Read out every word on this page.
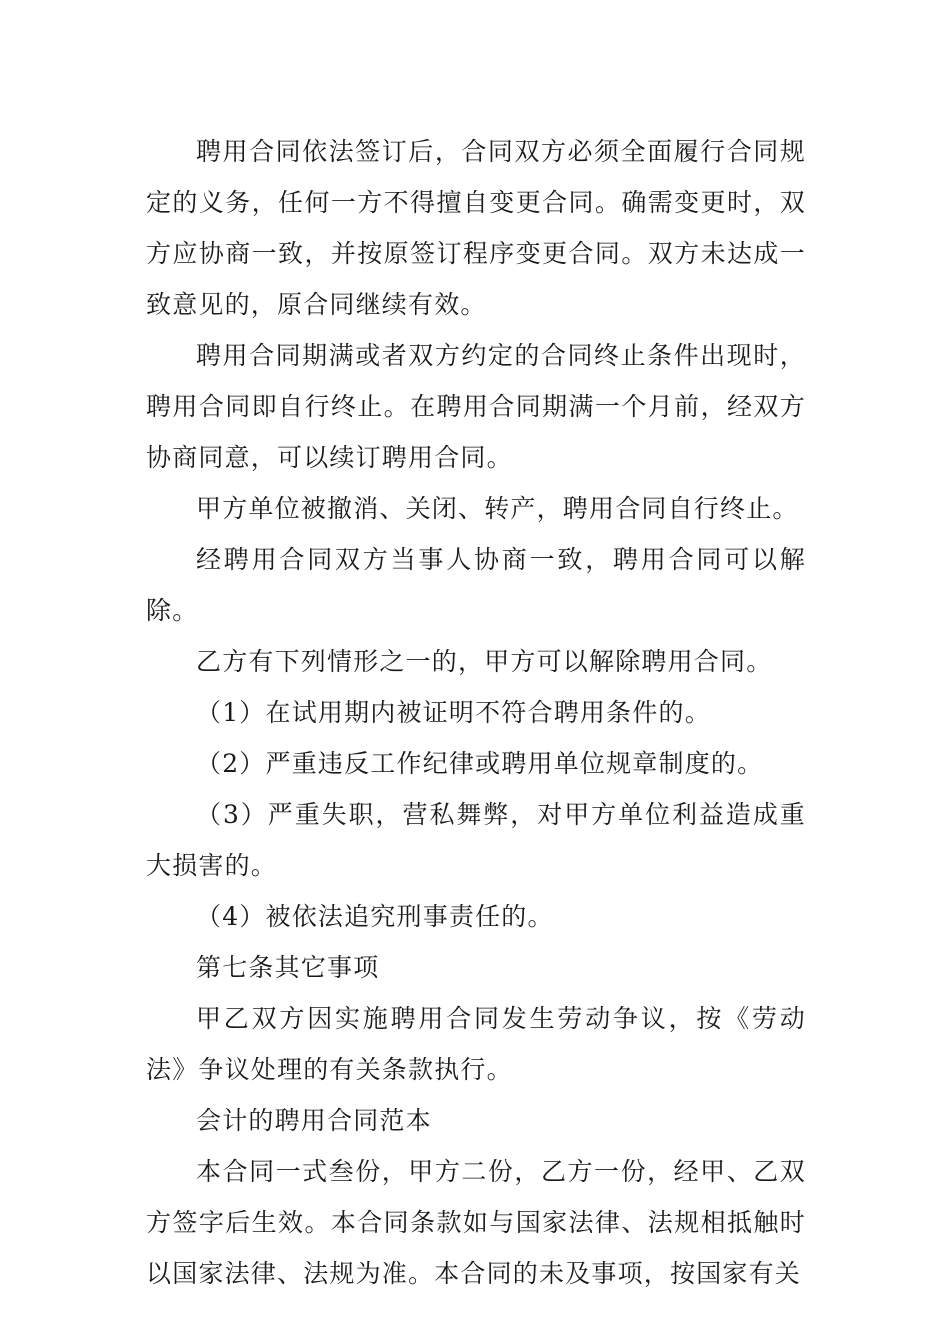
聘用合同依法签订后，合同双方必须全面履行合同规定的义务，任何一方不得擅自变更合同。确需变更时，双方应协商一致，并按原签订程序变更合同。双方未达成一致意见的，原合同继续有效。

聘用合同期满或者双方约定的合同终止条件出现时，聘用合同即自行终止。在聘用合同期满一个月前，经双方协商同意，可以续订聘用合同。

甲方单位被撤消、关闭、转产，聘用合同自行终止。

经聘用合同双方当事人协商一致，聘用合同可以解除。

乙方有下列情形之一的，甲方可以解除聘用合同。

（1）在试用期内被证明不符合聘用条件的。

（2）严重违反工作纪律或聘用单位规章制度的。

（3）严重失职，营私舞弊，对甲方单位利益造成重大损害的。

（4）被依法追究刑事责任的。

第七条其它事项

甲乙双方因实施聘用合同发生劳动争议，按《劳动法》争议处理的有关条款执行。

会计的聘用合同范本

本合同一式叁份，甲方二份，乙方一份，经甲、乙双方签字后生效。本合同条款如与国家法律、法规相抵触时以国家法律、法规为准。本合同的未及事项，按国家有关
